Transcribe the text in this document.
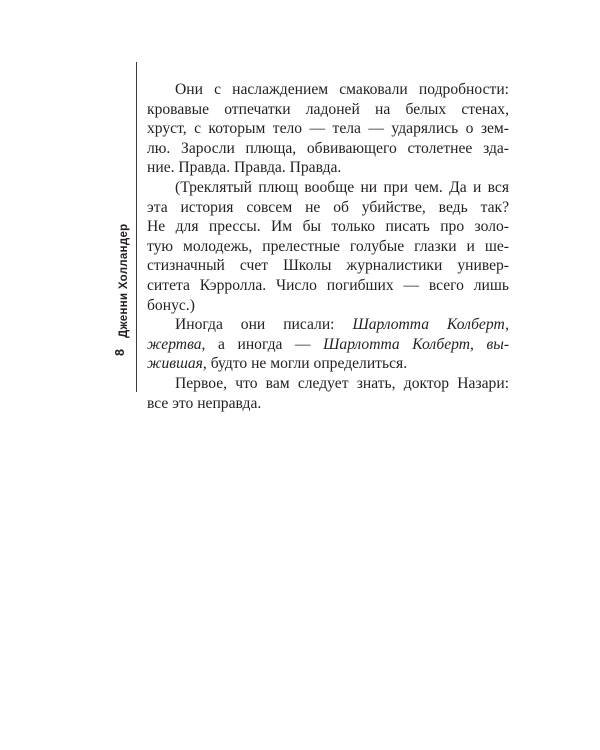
Дженни Холландер
8
Они с наслаждением смаковали подробности:
кровавые отпечатки ладоней на белых стенах,
хруст, с которым тело — тела — ударялись о зем-
лю. Заросли плюща, обвивающего столетнее зда-
ние. Правда. Правда. Правда.
(Треклятый плющ вообще ни при чем. Да и вся
эта история совсем не об убийстве, ведь так?
Не для прессы. Им бы только писать про золо-
тую молодежь, прелестные голубые глазки и ше-
стизначный счет Школы журналистики универ-
ситета Кэрролла. Число погибших — всего лишь
бонус.)
Иногда они писали: Шарлотта Колберт,
жертва, а иногда — Шарлотта Колберт, вы-
жившая, будто не могли определиться.
Первое, что вам следует знать, доктор Назари:
все это неправда.
